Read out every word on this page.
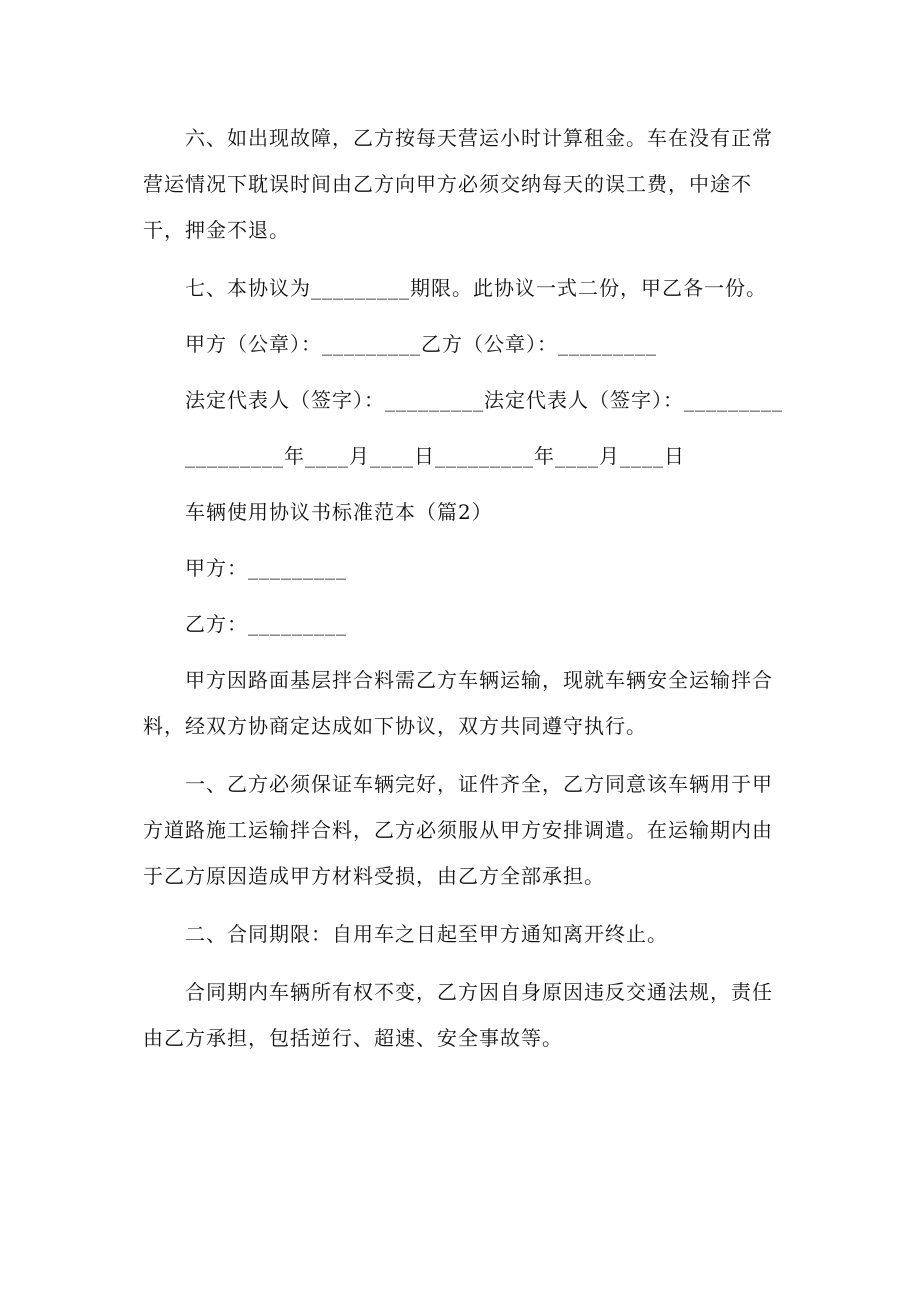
六、如出现故障，乙方按每天营运小时计算租金。车在没有正常营运情况下耽误时间由乙方向甲方必须交纳每天的误工费，中途不干，押金不退。

七、本协议为_________期限。此协议一式二份，甲乙各一份。

甲方（公章）：_________乙方（公章）：_________

法定代表人（签字）：_________法定代表人（签字）：_________

_________年____月____日_________年____月____日

车辆使用协议书标准范本（篇2）

甲方：_________

乙方：_________

甲方因路面基层拌合料需乙方车辆运输，现就车辆安全运输拌合料，经双方协商定达成如下协议，双方共同遵守执行。

一、乙方必须保证车辆完好，证件齐全，乙方同意该车辆用于甲方道路施工运输拌合料，乙方必须服从甲方安排调遣。在运输期内由于乙方原因造成甲方材料受损，由乙方全部承担。

二、合同期限：自用车之日起至甲方通知离开终止。

合同期内车辆所有权不变，乙方因自身原因违反交通法规，责任由乙方承担，包括逆行、超速、安全事故等。
